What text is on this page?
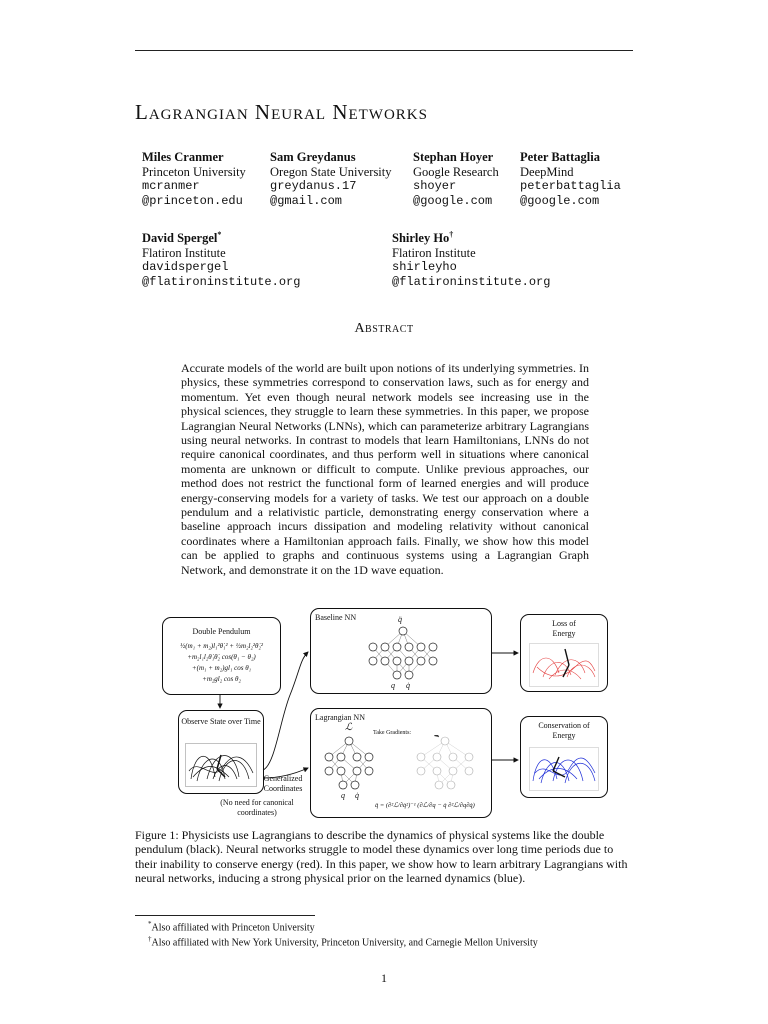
Lagrangian Neural Networks
Miles Cranmer
Princeton University
mcranmer
@princeton.edu
Sam Greydanus
Oregon State University
greydanus.17
@gmail.com
Stephan Hoyer
Google Research
shoyer
@google.com
Peter Battaglia
DeepMind
peterbattaglia
@google.com
David Spergel*
Flatiron Institute
davidspergel
@flatironinstitute.org
Shirley Ho†
Flatiron Institute
shirleyho
@flatironinstitute.org
Abstract
Accurate models of the world are built upon notions of its underlying symmetries. In physics, these symmetries correspond to conservation laws, such as for energy and momentum. Yet even though neural network models see increasing use in the physical sciences, they struggle to learn these symmetries. In this paper, we propose Lagrangian Neural Networks (LNNs), which can parameterize arbitrary Lagrangians using neural networks. In contrast to models that learn Hamiltonians, LNNs do not require canonical coordinates, and thus perform well in situations where canonical momenta are unknown or difficult to compute. Unlike previous approaches, our method does not restrict the functional form of learned energies and will produce energy-conserving models for a variety of tasks. We test our approach on a double pendulum and a relativistic particle, demonstrating energy conservation where a baseline approach incurs dissipation and modeling relativity without canonical coordinates where a Hamiltonian approach fails. Finally, we show how this model can be applied to graphs and continuous systems using a Lagrangian Graph Network, and demonstrate it on the 1D wave equation.
Double Pendulum
½(m₁ + m₂)l₁²θ̇₁² + ½m₂l₂²θ̇₂²
+m₂l₁l₂θ̇₁θ̇₂ cos(θ₁ − θ₂)
+(m₁ + m₂)gl₁ cos θ₁
+m₂gl₂ cos θ₂
Observe State over Time
Baseline NN	q̈
q q̇
Lagrangian NN
ℒ	Take Gradients:
q q̇
q̈ = (∂²ℒ/∂q̇²)⁻¹ (∂ℒ/∂q − q̇ ∂²ℒ/∂q∂q̇)
Loss of Energy
Conservation of Energy
Generalized Coordinates
(No need for canonical coordinates)
Figure 1: Physicists use Lagrangians to describe the dynamics of physical systems like the double pendulum (black). Neural networks struggle to model these dynamics over long time periods due to their inability to conserve energy (red). In this paper, we show how to learn arbitrary Lagrangians with neural networks, inducing a strong physical prior on the learned dynamics (blue).
*Also affiliated with Princeton University
†Also affiliated with New York University, Princeton University, and Carnegie Mellon University
1
